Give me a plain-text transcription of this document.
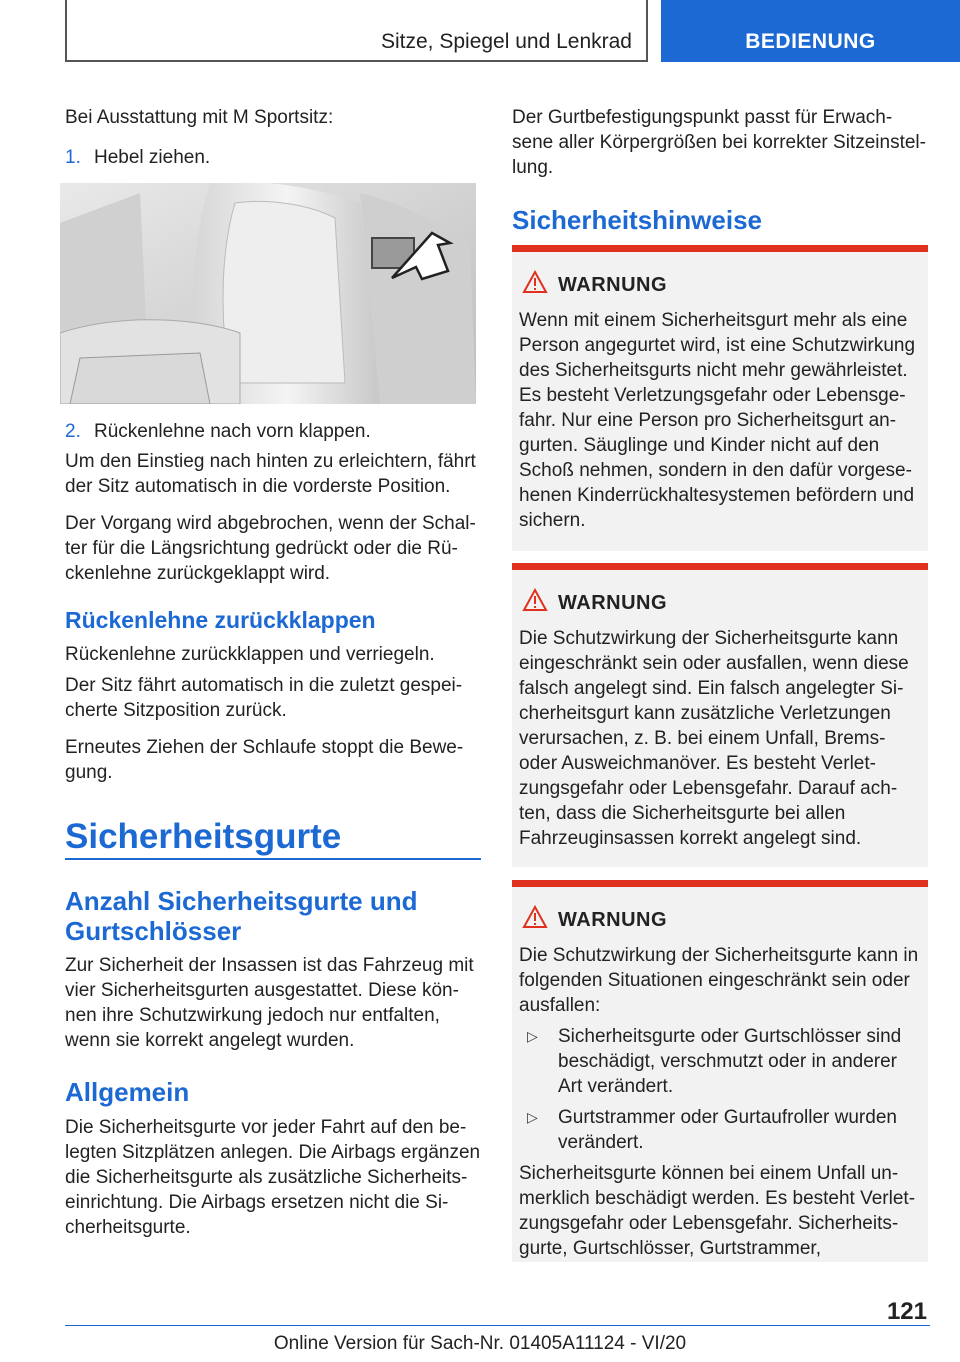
Sitze, Spiegel und Lenkrad	BEDIENUNG

Bei Ausstattung mit M Sportsitz:

1. Hebel ziehen.

2. Rückenlehne nach vorn klappen.

Um den Einstieg nach hinten zu erleichtern, fährt

der Sitz automatisch in die vorderste Position.

Der Vorgang wird abgebrochen, wenn der Schal-

ter für die Längsrichtung gedrückt oder die Rü-

ckenlehne zurückgeklappt wird.

Rückenlehne zurückklappen

Rückenlehne zurückklappen und verriegeln.

Der Sitz fährt automatisch in die zuletzt gespei-

cherte Sitzposition zurück.

Erneutes Ziehen der Schlaufe stoppt die Bewe-

gung.

Sicherheitsgurte

Anzahl Sicherheitsgurte und

Gurtschlösser

Zur Sicherheit der Insassen ist das Fahrzeug mit

vier Sicherheitsgurten ausgestattet. Diese kön-

nen ihre Schutzwirkung jedoch nur entfalten,

wenn sie korrekt angelegt wurden.

Allgemein

Die Sicherheitsgurte vor jeder Fahrt auf den be-

legten Sitzplätzen anlegen. Die Airbags ergänzen

die Sicherheitsgurte als zusätzliche Sicherheits-

einrichtung. Die Airbags ersetzen nicht die Si-

cherheitsgurte.

Der Gurtbefestigungspunkt passt für Erwach-

sene aller Körpergrößen bei korrekter Sitzeinstel-

lung.

Sicherheitshinweise

WARNUNG
Wenn mit einem Sicherheitsgurt mehr als eine
Person angegurtet wird, ist eine Schutzwirkung
des Sicherheitsgurts nicht mehr gewährleistet.
Es besteht Verletzungsgefahr oder Lebensge-
fahr. Nur eine Person pro Sicherheitsgurt an-
gurten. Säuglinge und Kinder nicht auf den
Schoß nehmen, sondern in den dafür vorgese-
henen Kinderrückhaltesystemen befördern und
sichern.
WARNUNG
Die Schutzwirkung der Sicherheitsgurte kann
eingeschränkt sein oder ausfallen, wenn diese
falsch angelegt sind. Ein falsch angelegter Si-
cherheitsgurt kann zusätzliche Verletzungen
verursachen, z. B. bei einem Unfall, Brems-
oder Ausweichmanöver. Es besteht Verlet-
zungsgefahr oder Lebensgefahr. Darauf ach-
ten, dass die Sicherheitsgurte bei allen
Fahrzeuginsassen korrekt angelegt sind.
WARNUNG
Die Schutzwirkung der Sicherheitsgurte kann in
folgenden Situationen eingeschränkt sein oder
ausfallen:
▷	Sicherheitsgurte oder Gurtschlösser sind
beschädigt, verschmutzt oder in anderer
Art verändert.
▷	Gurtstrammer oder Gurtaufroller wurden
verändert.
Sicherheitsgurte können bei einem Unfall un-
merklich beschädigt werden. Es besteht Verlet-
zungsgefahr oder Lebensgefahr. Sicherheits-
gurte, Gurtschlösser, Gurtstrammer,
121
Online Version für Sach-Nr. 01405A11124 - VI/20
